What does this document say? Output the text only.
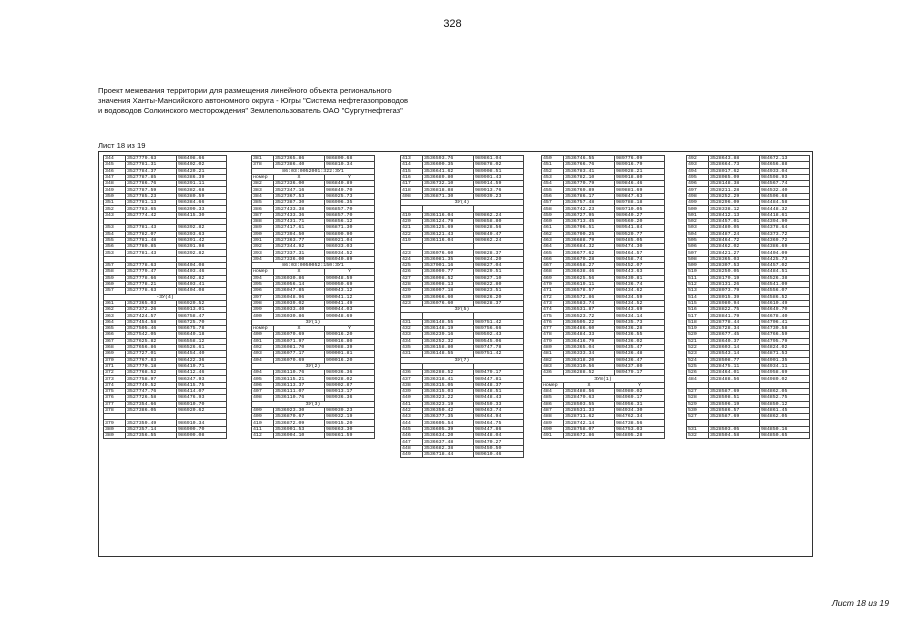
328
Проект межевания территории для размещения линейного объекта регионального
значения Ханты-Мансийского автономного округа - Югры "Система нефтегазопроводов
и водоводов Солкинского месторождения" Землепользователь ОАО "Сургутнефтегаз"
Лист 18 из 19
344	3527779.63	986408.66
345	3527781.31	986402.02
346	3527784.37	986420.21
347	3527787.85	986386.39
348	3527786.76	986391.11
349	3527787.59	986382.68
350	3527785.23	986380.59
351	3527781.13	986384.66
352	3527783.65	986399.33
343	3527774.42	986415.30

353	3527781.43	986392.82
354	3527782.07	986393.63
355	3527781.48	986391.42
356	3527780.85	986391.98
353	3527781.43	986392.82

357	3527778.63	986404.08
358	3527779.47	986403.46
359	3527778.66	986402.82
360	3527778.21	986403.41
357	3527778.63	986404.08
-3У(4)		
361	3527365.03	986920.52
362	3527372.26	986913.01
363	3527424.57	986758.47
364	3527454.58	986725.70
365	3527505.46	986675.78
366	3527542.05	986640.18
367	3527625.82	986558.12
368	3527656.86	986526.61
369	3527727.01	986454.40
370	3527767.83	986422.36
371	3527770.18	986419.71
372	3527768.52	986412.46
373	3527758.97	986347.93
374	3527749.52	986415.75
375	3527747.76	986414.07
376	3527726.58	986476.93
377	3527354.66	986910.70
378	3527386.05	986920.62

379	3527359.49	986910.34
380	3527357.14	986909.70
380	3527356.55	986909.08
381	3527365.86	986800.68
378	3527386.40	986810.34
86:03:0052001:322:ЗУ1		
номер	X	Y
382	3527336.00	986840.89
383	3527347.16	986849.70
384	3527367.53	986925.73
385	3527387.30	986906.35
386	3527433.38	986857.70
387	3527433.36	986857.70
388	3527431.71	986856.12
389	3527417.61	986871.30
390	3527394.50	986890.90
391	3527363.77	986921.04
392	3527344.92	986933.03
393	3527337.31	986934.52
394	3527336.00	986940.89
86:03:0050052:150:ЗУ1		
номер	X	Y
394	3536030.86	990048.59
395	3536056.14	990050.69
396	3536047.85	990043.12
397	3536048.96	990041.12
398	3536039.02	990041.49
399	3536033.40	990044.03
400	3536030.86	990048.69
ЗУ(1)		
номер	X	Y
400	3536070.69	990016.20
401	3536071.97	990016.80
402	3536081.70	989988.39
403	3536077.17	990001.81
404	3536070.69	990016.20
ЗУ(2)		
404	3536110.76	989936.36
405	3536115.21	989928.02
406	3536113.37	989902.87
407	3536111.07	989913.17
408	3536110.76	989936.36
ЗУ(3)		
409	3536923.30	989939.23
409	3536870.67	989932.19
410	3536872.09	989915.20
411	3536901.53	989863.30
412	3536904.10	989861.59
413	3536593.76	989861.04
414	3536600.35	989878.02
415	3536641.62	989908.51
416	3536689.80	989901.43
417	3536732.10	989914.59
418	3536818.88	989913.76
408	3536871.30	989939.23
ЗУ(4)		

419	3536116.04	989862.24
420	3536124.79	989858.80
421	3536125.69	989828.56
422	3536121.43	989849.47
419	3536116.04	989862.24

423	3536076.60	989828.37
424	3536081.35	989824.20
425	3537001.16	989827.04
426	3536099.77	989829.51
427	3536098.52	989827.10
428	3536098.13	989822.80
429	3536097.18	989823.51
430	3536066.60	989826.20
423	3536076.60	989828.37
ЗУ(5)		

431	3536148.55	989751.42
432	3536148.19	989756.66
433	3536239.16	989592.43
434	3536252.32	989545.06
435	3536158.80	989747.78
431	3536148.55	989751.42
ЗУ(7)		

436	3536288.52	989479.17
437	3536318.41	989447.81
438	3536315.05	989448.37
439	3536315.03	989448.51
440	3536323.22	989448.43
441	3536323.19	989459.33
442	3536350.42	989463.74
443	3536377.35	989464.94
444	3536605.54	989464.75
445	3536605.39	989447.86
446	3536634.20	989448.04
447	3536637.48	989470.27
448	3536682.38	989450.50
449	3536718.44	989610.46
450	3536746.55	989776.09
451	3536766.76	989916.79
452	3536783.41	989928.21
453	3536782.10	989918.80
454	3536770.79	989846.46
455	3536769.89	989881.69
456	3536786.17	989847.63
457	3536757.48	989788.18
458	3536742.23	989710.05
459	3536727.95	989640.27
460	3536713.45	989569.20
461	3536706.51	989541.84
462	3536700.25	989520.77
463	3536688.79	989485.05
464	3536684.32	989474.30
465	3536677.62	989464.57
466	3536670.28	989458.74
467	3536658.27	989452.07
468	3536638.46	989443.63
469	3536625.56	989430.81
470	3536619.11	989436.74
471	3536578.57	989434.62
472	3536572.86	989434.59
473	3536583.74	989434.52
474	3536531.87	989443.69
475	3536523.72	989434.14
476	3536505.22	989435.73
477	3536486.60	989436.28
478	3536484.33	989436.55
479	3536416.79	989436.02
480	3536365.04	989435.47
481	3536333.34	989436.48
482	3536318.20	989436.47
483	3536310.56	989437.80
436	3536288.52	989479.17
ЗУ8(1)		
номер	X	Y
484	3528488.56	984980.02
485	3528470.63	984969.17
486	3528503.55	984956.31
487	3528531.33	984934.30
488	3528711.62	984762.34
489	3528742.14	984738.56
490	3528758.07	984753.03
491	3528672.86	984895.28
492	3528643.88	984672.13
493	3528664.73	984656.88
494	3528017.62	984933.04
495	3528085.09	984598.93
496	3528148.38	984567.74
497	3528211.28	984532.40
498	3528252.29	984506.68
499	3528296.09	984484.58
500	3528338.12	984448.32
501	3528412.13	984418.61
502	3528457.01	984394.90
503	3528480.05	984378.64
504	3528487.24	984373.72
505	3528464.72	984369.72
506	3528462.02	984386.69
507	3528421.27	984404.09
508	3528365.03	984425.73
509	3528307.53	984457.02
510	3528250.05	984484.51
511	3528170.19	984526.38
512	3528131.26	984541.09
513	3528073.79	984556.07
514	3528015.39	984586.52
515	3528980.94	984610.49
516	3528822.75	984649.70
517	3528841.79	984678.40
518	3528778.44	984706.41
519	3528728.34	984730.58
520	3528677.45	984766.59
521	3528640.37	984795.79
522	3528603.14	984824.02
523	3528543.14	984871.53
524	3528508.77	984901.35
525	3528475.11	984934.11
526	3528464.01	984958.69
484	3528488.56	984980.02

527	3528587.69	984862.05
528	3528598.51	984852.75
529	3528596.19	984850.12
530	3528586.57	984861.45
527	3528587.69	984862.05

531	3528503.05	984850.16
532	3528504.58	984850.65
Лист 18 из 19
